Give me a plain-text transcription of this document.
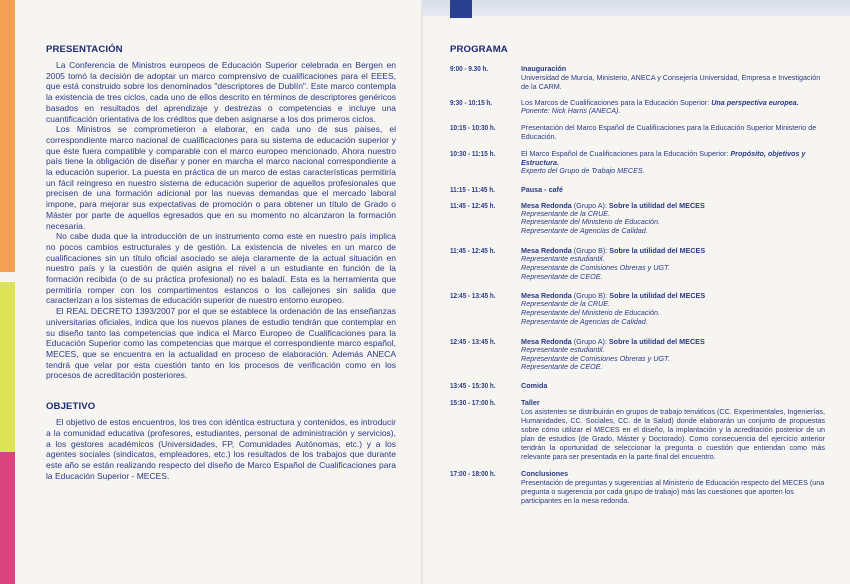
PRESENTACIÓN

La Conferencia de Ministros europeos de Educación Superior celebrada en Bergen en 2005 tomó la decisión de adoptar un marco comprensivo de cualificaciones para el EEES, que está construido sobre los denominados "descriptores de Dublín". Este marco contempla la existencia de tres ciclos, cada uno de ellos descrito en términos de descriptores genéricos basados en resultados del aprendizaje y destrezas o competencias e incluye una cuantificación orientativa de los créditos que deben asignarse a los dos primeros ciclos.

Los Ministros se comprometieron a elaborar, en cada uno de sus países, el correspondiente marco nacional de cualificaciones para su sistema de educación superior y que éste fuera compatible y comparable con el marco europeo mencionado. Ahora nuestro país tiene la obligación de diseñar y poner en marcha el marco nacional correspondiente a la educación superior. La puesta en práctica de un marco de estas características permitiría un fácil reingreso en nuestro sistema de educación superior de aquellos profesionales que precisen de una formación adicional por las nuevas demandas que el mercado laboral impone, para mejorar sus expectativas de promoción o para obtener un título de Grado o Máster por parte de aquellos egresados que en su momento no alcanzaron la formación necesaria.

No cabe duda que la introducción de un instrumento como este en nuestro país implica no pocos cambios estructurales y de gestión. La existencia de niveles en un marco de cualificaciones sin un título oficial asociado se aleja claramente de la actual situación en nuestro país y la cuestión de quién asigna el nivel a un estudiante en función de la formación recibida (o de su práctica profesional) no es baladí. Esta es la herramienta que permitiría romper con los compartimentos estancos o los callejones sin salida que caracterizan a los sistemas de educación superior de nuestro entorno europeo.

El REAL DECRETO 1393/2007 por el que se establece la ordenación de las enseñanzas universitarias oficiales, indica que los nuevos planes de estudio tendrán que contemplar en su diseño tanto las competencias que indica el Marco Europeo de Cualificaciones para la Educación Superior como las competencias que marque el correspondiente marco español, MECES, que se encuentra en la actualidad en proceso de elaboración. Además ANECA tendrá que velar por esta cuestión tanto en los procesos de verificación como en los procesos de acreditación posteriores.

OBJETIVO

El objetivo de estos encuentros, los tres con idéntica estructura y contenidos, es introducir a la comunidad educativa (profesores, estudiantes, personal de administración y servicios), a los gestores académicos (Universidades, FP, Comunidades Autónomas, etc.) y a los agentes sociales (sindicatos, empleadores, etc.) los resultados de los trabajos que durante este año se están realizando respecto del diseño de Marco Español de Cualificaciones para la Educación Superior - MECES.

PROGRAMA
9:00 - 9.30 h.	Inauguración
Universidad de Murcia, Ministerio, ANECA y Consejería Universidad, Empresa e Investigación de la CARM.
9:30 - 10:15 h.	Los Marcos de Cualificaciones para la Educación Superior: Una perspectiva europea.
Ponente: Nick Harris (ANECA).
10:15 - 10:30 h.	Presentación del Marco Español de Cualificaciones para la Educación Superior Ministerio de Educación.
10:30 - 11:15 h.	El Marco Español de Cualificaciones para la Educación Superior: Propósito, objetivos y Estructura.
Experto del Grupo de Trabajo MECES.
11:15 - 11:45 h.	Pausa - café
11:45 - 12:45 h.	Mesa Redonda (Grupo A): Sobre la utilidad del MECES
Representante de la CRUE.
Representante del Ministerio de Educación.
Representante de Agencias de Calidad.
11:45 - 12:45 h.	Mesa Redonda (Grupo B): Sobre la utilidad del MECES
Representante estudiantil.
Representante de Comisiones Obreras y UGT.
Representante de CEOE.
12:45 - 13:45 h.	Mesa Redonda (Grupo B): Sobre la utilidad del MECES
Representante de la CRUE.
Representante del Ministerio de Educación.
Representante de Agencias de Calidad.
12:45 - 13:45 h.	Mesa Redonda (Grupo A): Sobre la utilidad del MECES
Representante estudiantil.
Representante de Comisiones Obreras y UGT.
Representante de CEOE.
13:45 - 15:30 h.	Comida
15:30 - 17:00 h.	Taller
Los asistentes se distribuirán en grupos de trabajo temáticos (CC. Experimentales, Ingenierías, Humanidades, CC. Sociales, CC. de la Salud) donde elaborarán un conjunto de propuestas sobre cómo utilizar el MECES en el diseño, la implantación y la acreditación posterior de un plan de estudios (de Grado, Máster y Doctorado). Como consecuencia del ejercicio anterior tendrán la oportunidad de seleccionar la pregunta o cuestión que entiendan como más relevante para ser presentada en la parte final del encuentro.
17:00 - 18:00 h.	Conclusiones
Presentación de preguntas y sugerencias al Ministerio de Educación respecto del MECES (una pregunta o sugerencia por cada grupo de trabajo) más las cuestiones que aporten los participantes en la mesa redonda.
